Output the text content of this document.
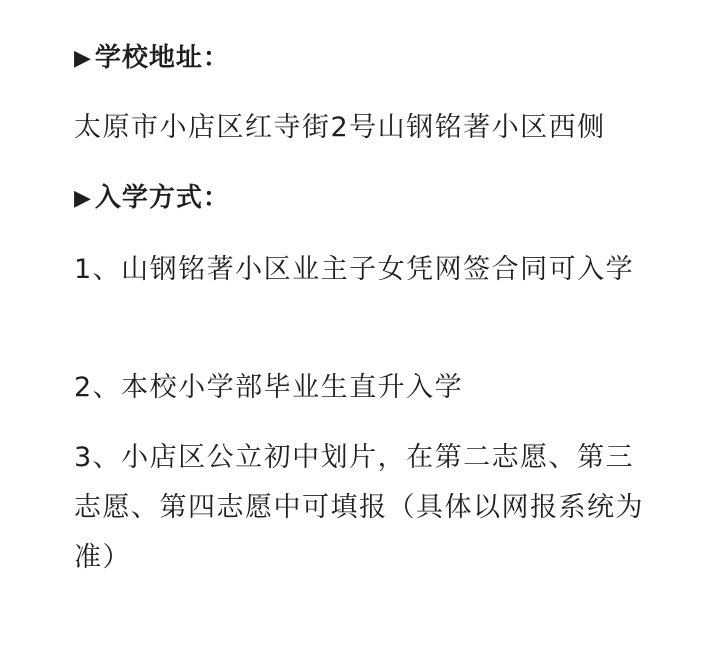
▶ 学校地址：
太原市小店区红寺街2号山钢铭著小区西侧
▶ 入学方式：
1、山钢铭著小区业主子女凭网签合同可入学
2、本校小学部毕业生直升入学
3、小店区公立初中划片，在第二志愿、第三志愿、第四志愿中可填报（具体以网报系统为准）
